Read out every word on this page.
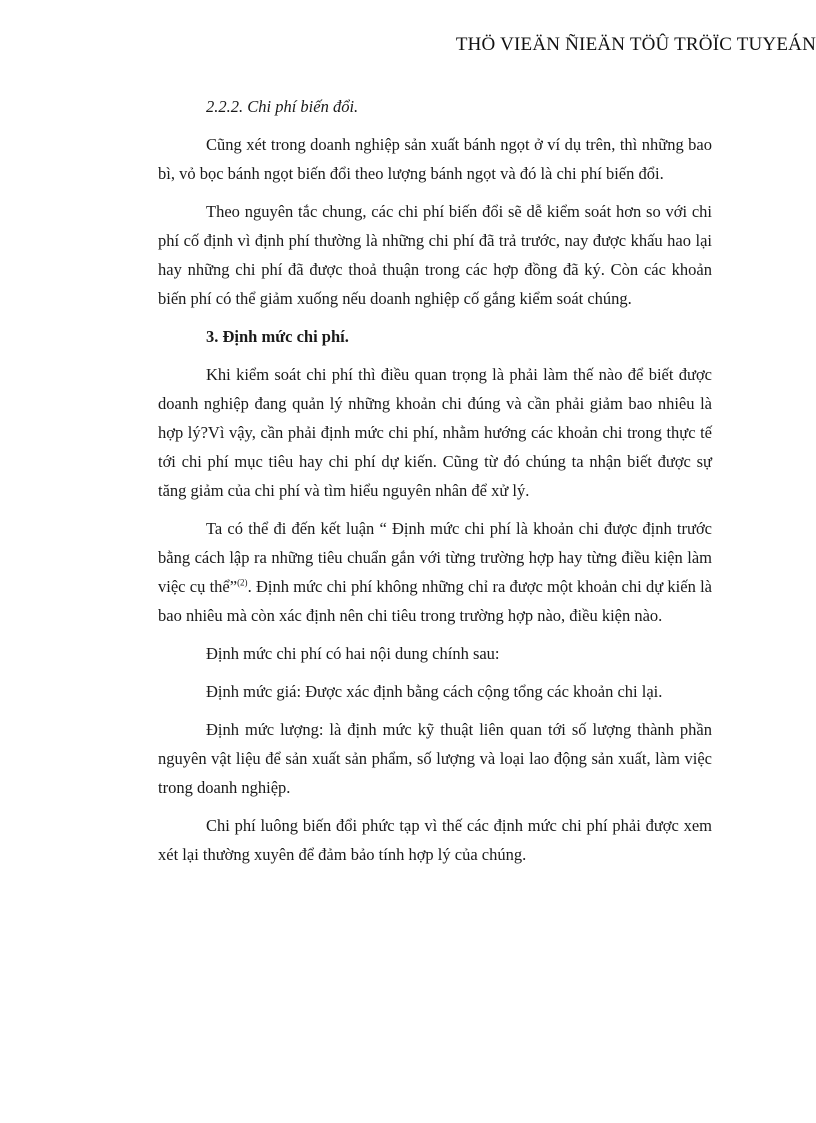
THÖ VIEÄN ÑIEÄN TÖÛ TRÖÏC TUYEÁN

2.2.2. Chi phí biến đổi.

Cũng xét trong doanh nghiệp sản xuất bánh ngọt ở ví dụ trên, thì những bao bì, vỏ bọc bánh ngọt biến đổi theo lượng bánh ngọt và đó là chi phí biến đổi.

Theo nguyên tắc chung, các chi phí biến đổi sẽ dễ kiểm soát hơn so với chi phí cố định vì định phí thường là những chi phí đã trả trước, nay được khấu hao lại hay những chi phí đã được thoả thuận trong các hợp đồng đã ký. Còn các khoản biến phí có thể giảm xuống nếu doanh nghiệp cố gắng kiểm soát chúng.

3. Định mức chi phí.

Khi kiểm soát chi phí thì điều quan trọng là phải làm thế nào để biết được doanh nghiệp đang quản lý những khoản chi đúng và cần phải giảm bao nhiêu là hợp lý?Vì vậy, cần phải định mức chi phí, nhằm hướng các khoản chi trong thực tế tới chi phí mục tiêu hay chi phí dự kiến. Cũng từ đó chúng ta nhận biết được sự tăng giảm của chi phí và tìm hiểu nguyên nhân để xử lý.

Ta có thể đi đến kết luận “ Định mức chi phí là khoản chi được định trước bằng cách lập ra những tiêu chuẩn gắn với từng trường hợp hay từng điều kiện làm việc cụ thể”$^{(2)}$. Định mức chi phí không những chỉ ra được một khoản chi dự kiến là bao nhiêu mà còn xác định nên chi tiêu trong trường hợp nào, điều kiện nào.

Định mức chi phí có hai nội dung chính sau:

Định mức giá: Được xác định bằng cách cộng tổng các khoản chi lại.

Định mức lượng: là định mức kỹ thuật liên quan tới số lượng thành phần nguyên vật liệu để sản xuất sản phẩm, số lượng và loại lao động sản xuất, làm việc trong doanh nghiệp.

Chi phí luông biến đổi phức tạp vì thế các định mức chi phí phải được xem xét lại thường xuyên để đảm bảo tính hợp lý của chúng.
